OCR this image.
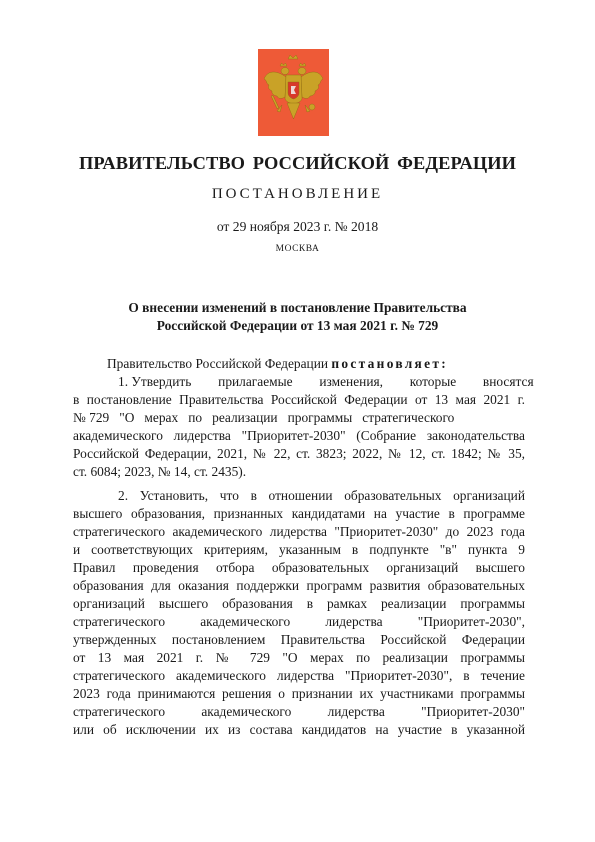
ПРАВИТЕЛЬСТВО РОССИЙСКОЙ ФЕДЕРАЦИИ
ПОСТАНОВЛЕНИЕ
от 29 ноября 2023 г. № 2018
МОСКВА
О внесении изменений в постановление Правительства
Российской Федерации от 13 мая 2021 г. № 729
Правительство Российской Федерации постановляет:
1. Утвердить        прилагаемые        изменения,        которые        вносятся
в постановление Правительства Российской Федерации от 13 мая 2021 г.
№ 729   "О   мерах   по   реализации   программы   стратегического
академического лидерства "Приоритет-2030" (Собрание законодательства
Российской Федерации, 2021, № 22, ст. 3823; 2022, № 12, ст. 1842; № 35,
ст. 6084; 2023, № 14, ст. 2435).
2. Установить, что в отношении образовательных организаций
высшего образования, признанных кандидатами на участие в программе
стратегического академического лидерства "Приоритет-2030" до 2023 года
и соответствующих критериям, указанным в подпункте "в" пункта 9
Правил проведения отбора образовательных организаций высшего
образования для оказания поддержки программ развития образовательных
организаций высшего образования в рамках реализации программы
стратегического академического лидерства "Приоритет-2030",
утвержденных постановлением Правительства Российской Федерации
от 13 мая 2021 г. № 729 "О мерах по реализации программы
стратегического академического лидерства "Приоритет-2030", в течение
2023 года принимаются решения о признании их участниками программы
стратегического академического лидерства "Приоритет-2030"
или об исключении их из состава кандидатов на участие в указанной
